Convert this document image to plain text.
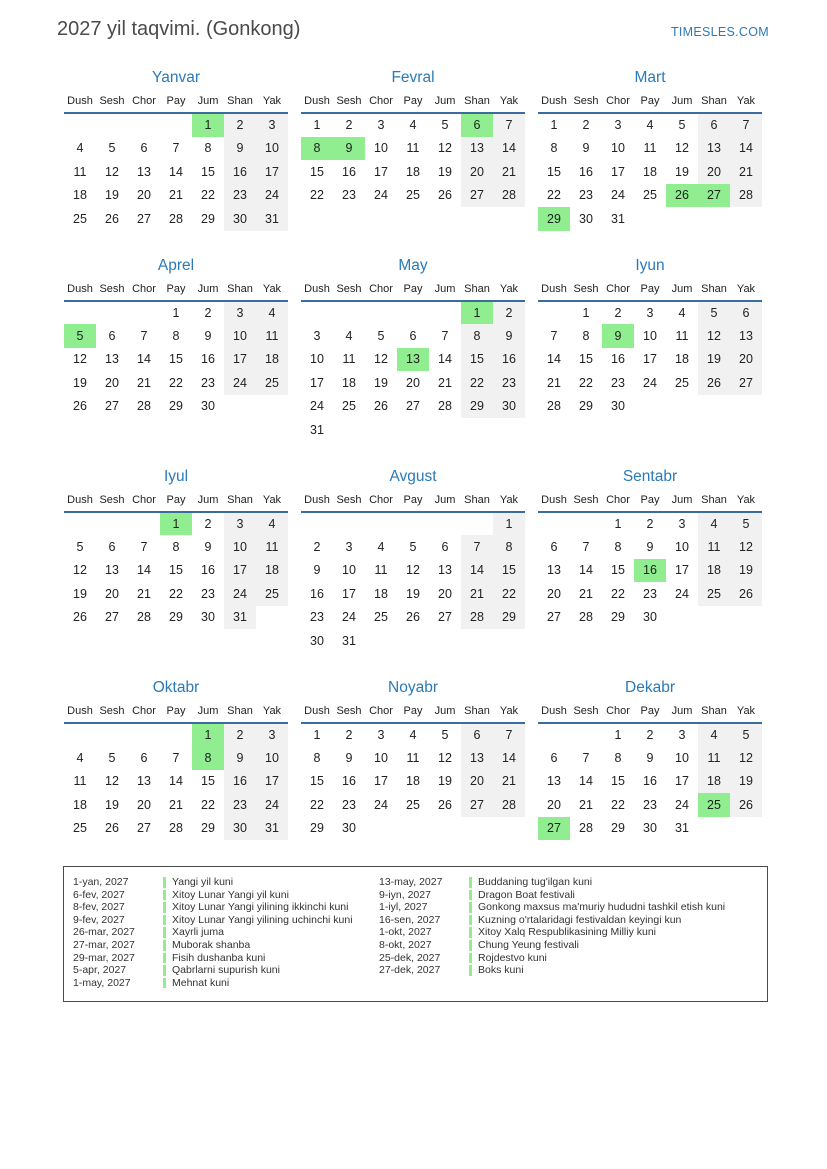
2027 yil taqvimi. (Gonkong)	TIMESLES.COM
Yanvar
Dush	Sesh	Chor	Pay	Jum	Shan	Yak
				1	2	3
4	5	6	7	8	9	10
11	12	13	14	15	16	17
18	19	20	21	22	23	24
25	26	27	28	29	30	31
Fevral
Dush	Sesh	Chor	Pay	Jum	Shan	Yak
1	2	3	4	5	6	7
8	9	10	11	12	13	14
15	16	17	18	19	20	21
22	23	24	25	26	27	28
Mart
Dush	Sesh	Chor	Pay	Jum	Shan	Yak
1	2	3	4	5	6	7
8	9	10	11	12	13	14
15	16	17	18	19	20	21
22	23	24	25	26	27	28
29	30	31				
Aprel
Dush	Sesh	Chor	Pay	Jum	Shan	Yak
			1	2	3	4
5	6	7	8	9	10	11
12	13	14	15	16	17	18
19	20	21	22	23	24	25
26	27	28	29	30		
May
Dush	Sesh	Chor	Pay	Jum	Shan	Yak
					1	2
3	4	5	6	7	8	9
10	11	12	13	14	15	16
17	18	19	20	21	22	23
24	25	26	27	28	29	30
31						
Iyun
Dush	Sesh	Chor	Pay	Jum	Shan	Yak
	1	2	3	4	5	6
7	8	9	10	11	12	13
14	15	16	17	18	19	20
21	22	23	24	25	26	27
28	29	30				
Iyul
Dush	Sesh	Chor	Pay	Jum	Shan	Yak
			1	2	3	4
5	6	7	8	9	10	11
12	13	14	15	16	17	18
19	20	21	22	23	24	25
26	27	28	29	30	31	
Avgust
Dush	Sesh	Chor	Pay	Jum	Shan	Yak
						1
2	3	4	5	6	7	8
9	10	11	12	13	14	15
16	17	18	19	20	21	22
23	24	25	26	27	28	29
30	31					
Sentabr
Dush	Sesh	Chor	Pay	Jum	Shan	Yak
		1	2	3	4	5
6	7	8	9	10	11	12
13	14	15	16	17	18	19
20	21	22	23	24	25	26
27	28	29	30			
Oktabr
Dush	Sesh	Chor	Pay	Jum	Shan	Yak
				1	2	3
4	5	6	7	8	9	10
11	12	13	14	15	16	17
18	19	20	21	22	23	24
25	26	27	28	29	30	31
Noyabr
Dush	Sesh	Chor	Pay	Jum	Shan	Yak
1	2	3	4	5	6	7
8	9	10	11	12	13	14
15	16	17	18	19	20	21
22	23	24	25	26	27	28
29	30					
Dekabr
Dush	Sesh	Chor	Pay	Jum	Shan	Yak
		1	2	3	4	5
6	7	8	9	10	11	12
13	14	15	16	17	18	19
20	21	22	23	24	25	26
27	28	29	30	31		
1-yan, 2027	Yangi yil kuni
6-fev, 2027	Xitoy Lunar Yangi yil kuni
8-fev, 2027	Xitoy Lunar Yangi yilining ikkinchi kuni
9-fev, 2027	Xitoy Lunar Yangi yilining uchinchi kuni
26-mar, 2027	Xayrli juma
27-mar, 2027	Muborak shanba
29-mar, 2027	Fisih dushanba kuni
5-apr, 2027	Qabrlarni supurish kuni
1-may, 2027	Mehnat kuni
13-may, 2027	Buddaning tug'ilgan kuni
9-iyn, 2027	Dragon Boat festivali
1-iyl, 2027	Gonkong maxsus ma'muriy hududni tashkil etish kuni
16-sen, 2027	Kuzning o'rtalaridagi festivaldan keyingi kun
1-okt, 2027	Xitoy Xalq Respublikasining Milliy kuni
8-okt, 2027	Chung Yeung festivali
25-dek, 2027	Rojdestvo kuni
27-dek, 2027	Boks kuni
